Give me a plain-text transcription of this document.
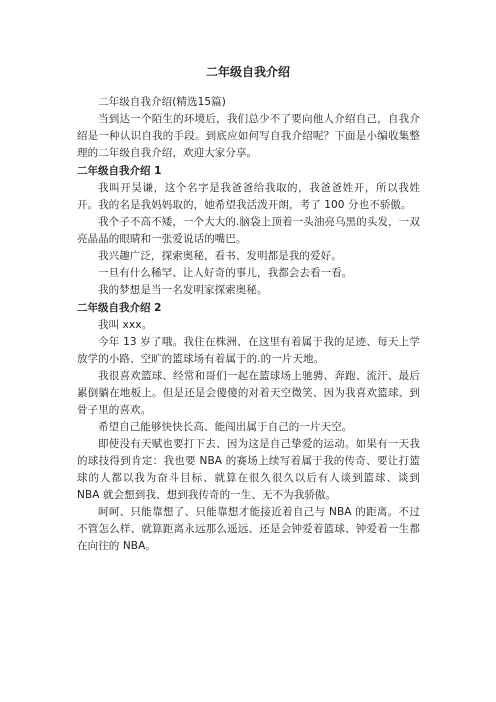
二年级自我介绍

二年级自我介绍(精选15篇)

当到达一个陌生的环境后，我们总少不了要向他人介绍自己，自我介绍是一种认识自我的手段。到底应如何写自我介绍呢？下面是小编收集整理的二年级自我介绍，欢迎大家分享。

二年级自我介绍 1

我叫开昊谦，这个名字是我爸爸给我取的，我爸爸姓开，所以我姓开。我的名是我妈妈取的，她希望我活泼开朗，考了 100 分也不骄傲。

我个子不高不矮，一个大大的.脑袋上顶着一头油亮乌黑的头发，一双亮晶晶的眼睛和一张爱说话的嘴巴。

我兴趣广泛，探索奥秘，看书、发明都是我的爱好。

一旦有什么稀罕、让人好奇的事儿，我都会去看一看。

我的梦想是当一名发明家探索奥秘。

二年级自我介绍 2

我叫 xxx。

今年 13 岁了哦。我住在株洲、在这里有着属于我的足迹、每天上学放学的小路、空旷的篮球场有着属于的.的一片天地。

我很喜欢篮球、经常和哥们一起在篮球场上驰骋、奔跑、流汗、最后累倒躺在地板上。但是还是会傻傻的对着天空微笑、因为我喜欢篮球、到骨子里的喜欢。

希望自己能够快快长高、能闯出属于自己的一片天空。

即使没有天赋也要打下去、因为这是自己挚爱的运动。如果有一天我的球技得到肯定：我也要 NBA 的赛场上续写着属于我的传奇、要让打篮球的人都以我为奋斗目标、就算在很久很久以后有人谈到篮球、谈到 NBA 就会想到我、想到我传奇的一生、无不为我骄傲。

呵呵、只能靠想了、只能靠想才能接近着自己与 NBA 的距离。不过不管怎么样、就算距离永远那么遥远、还是会钟爱着篮球、钟爱着一生都在向往的 NBA。
